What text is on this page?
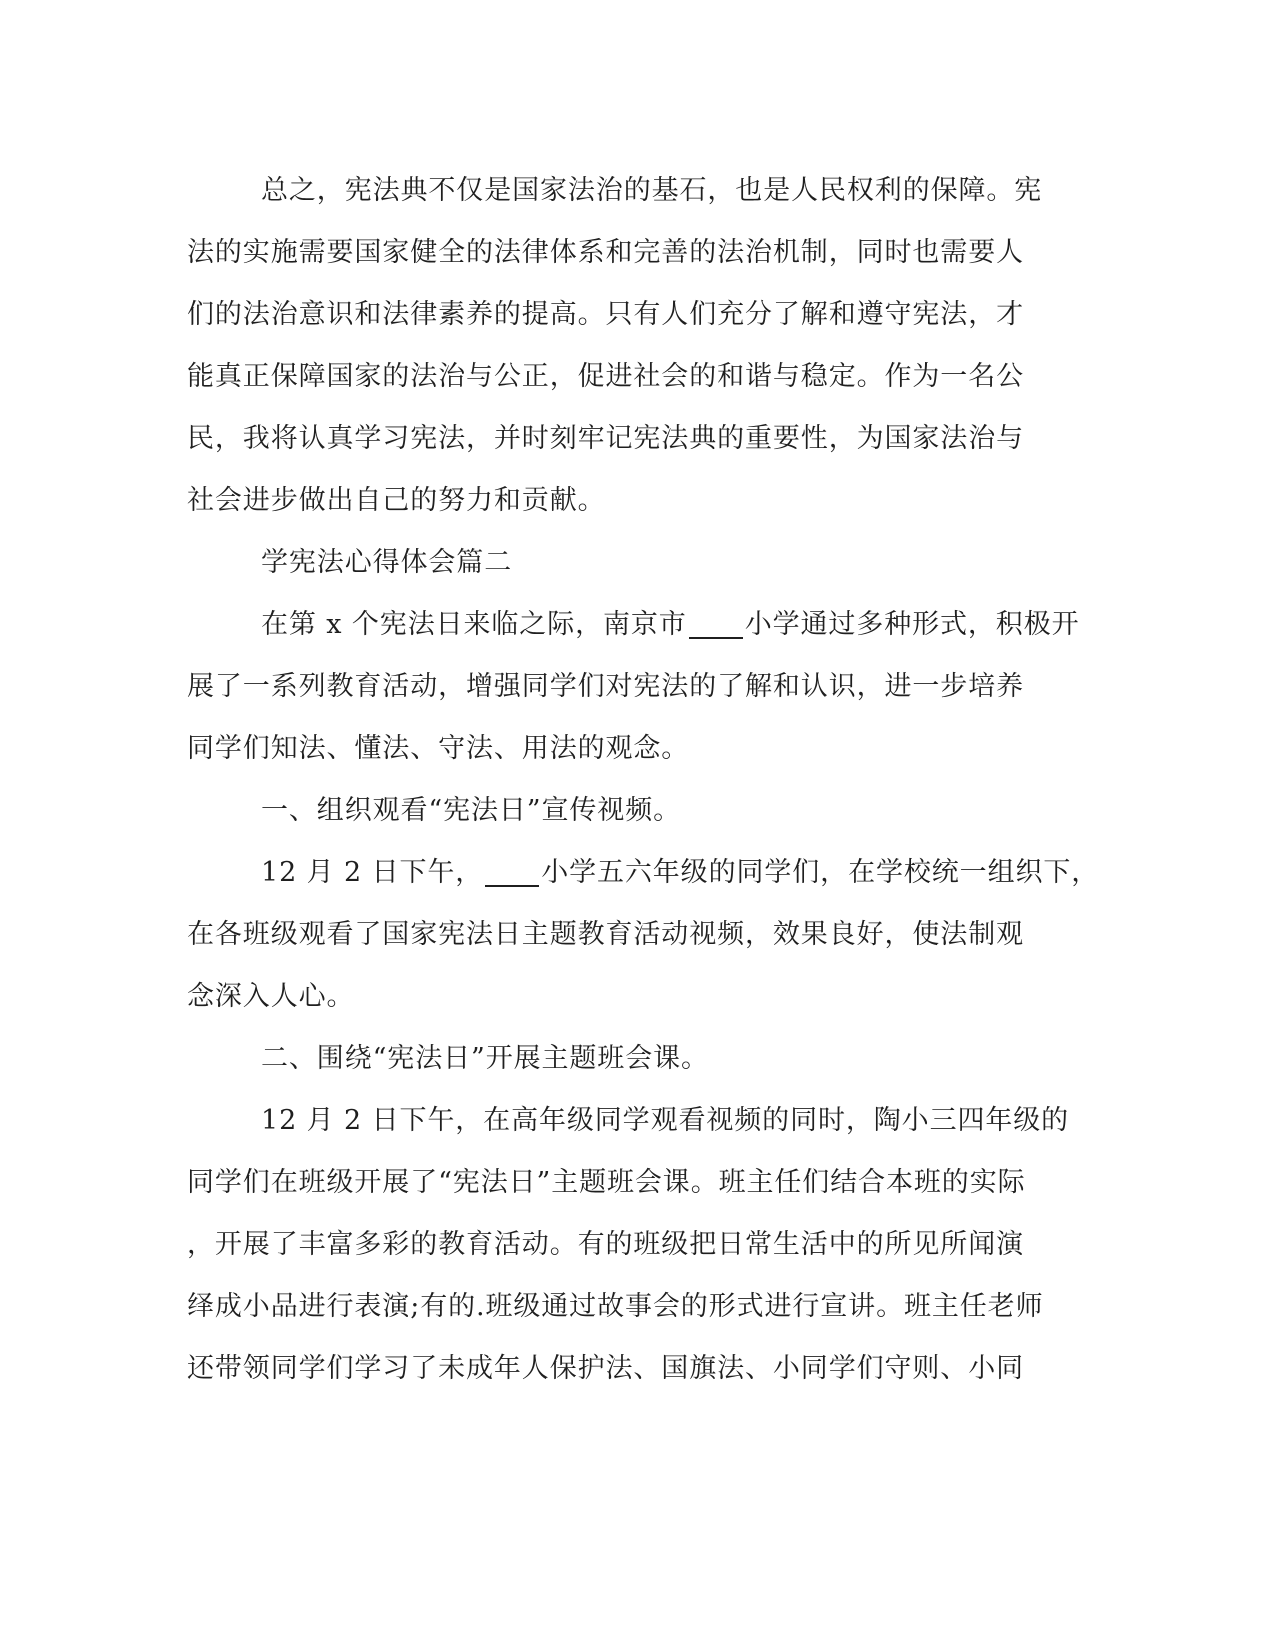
总之，宪法典不仅是国家法治的基石，也是人民权利的保障。宪
法的实施需要国家健全的法律体系和完善的法治机制，同时也需要人
们的法治意识和法律素养的提高。只有人们充分了解和遵守宪法，才
能真正保障国家的法治与公正，促进社会的和谐与稳定。作为一名公
民，我将认真学习宪法，并时刻牢记宪法典的重要性，为国家法治与
社会进步做出自己的努力和贡献。
学宪法心得体会篇二
在第 x 个宪法日来临之际，南京市 小学通过多种形式，积极开
展了一系列教育活动，增强同学们对宪法的了解和认识，进一步培养
同学们知法、懂法、守法、用法的观念。
一、组织观看“宪法日”宣传视频。
12 月 2 日下午， 小学五六年级的同学们，在学校统一组织下，
在各班级观看了国家宪法日主题教育活动视频，效果良好，使法制观
念深入人心。
二、围绕“宪法日”开展主题班会课。
12 月 2 日下午，在高年级同学观看视频的同时，陶小三四年级的
同学们在班级开展了“宪法日”主题班会课。班主任们结合本班的实际
，开展了丰富多彩的教育活动。有的班级把日常生活中的所见所闻演
绎成小品进行表演;有的.班级通过故事会的形式进行宣讲。班主任老师
还带领同学们学习了未成年人保护法、国旗法、小同学们守则、小同
